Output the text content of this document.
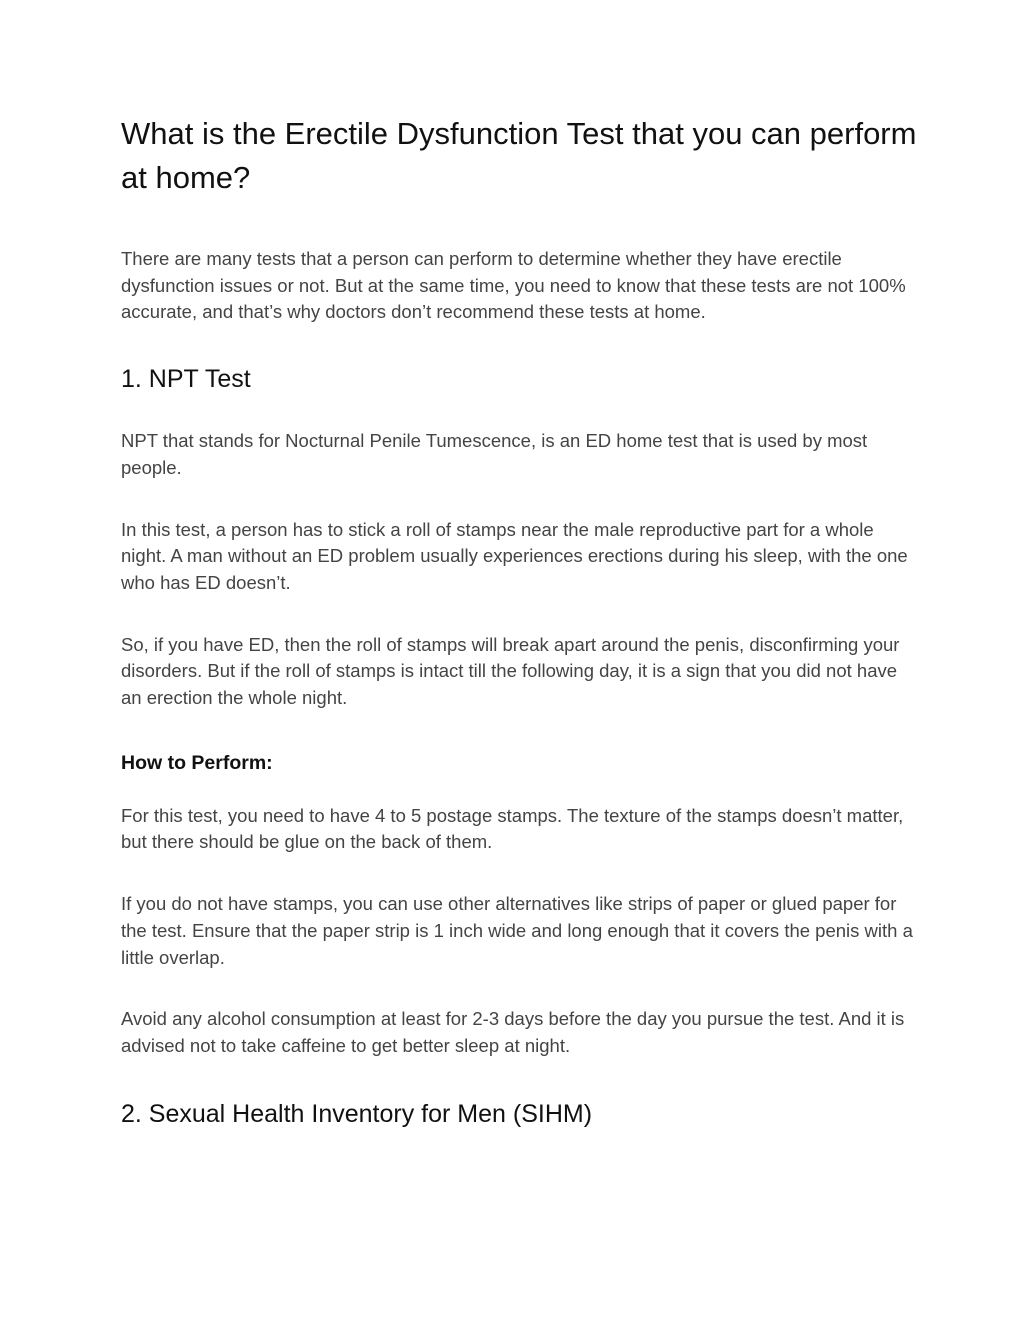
What is the Erectile Dysfunction Test that you can perform at home?

There are many tests that a person can perform to determine whether they have erectile dysfunction issues or not. But at the same time, you need to know that these tests are not 100% accurate, and that’s why doctors don’t recommend these tests at home.

1. NPT Test

NPT that stands for Nocturnal Penile Tumescence, is an ED home test that is used by most people.

In this test, a person has to stick a roll of stamps near the male reproductive part for a whole night. A man without an ED problem usually experiences erections during his sleep, with the one who has ED doesn’t.

So, if you have ED, then the roll of stamps will break apart around the penis, disconfirming your disorders. But if the roll of stamps is intact till the following day, it is a sign that you did not have an erection the whole night.

How to Perform:

For this test, you need to have 4 to 5 postage stamps. The texture of the stamps doesn’t matter, but there should be glue on the back of them.

If you do not have stamps, you can use other alternatives like strips of paper or glued paper for the test. Ensure that the paper strip is 1 inch wide and long enough that it covers the penis with a little overlap.

Avoid any alcohol consumption at least for 2-3 days before the day you pursue the test. And it is advised not to take caffeine to get better sleep at night.

2. Sexual Health Inventory for Men (SIHM)
